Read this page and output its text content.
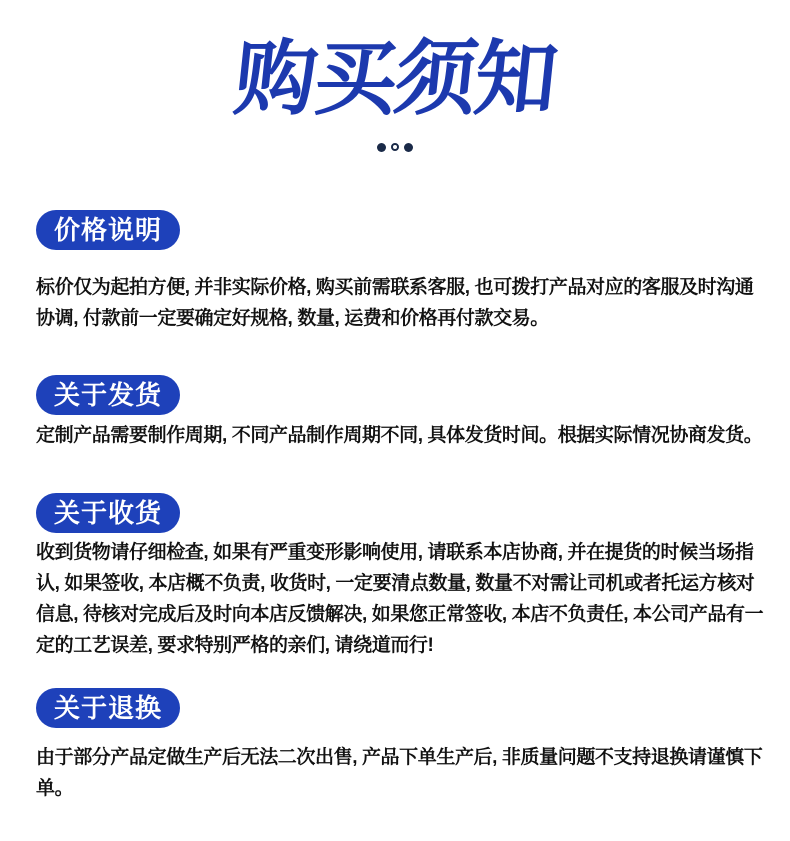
购买须知
价格说明

标价仅为起拍方便, 并非实际价格, 购买前需联系客服, 也可拨打产品对应的客服及时沟通协调, 付款前一定要确定好规格, 数量, 运费和价格再付款交易。

关于发货

定制产品需要制作周期, 不同产品制作周期不同, 具体发货时间。根据实际情况协商发货。

关于收货

收到货物请仔细检查, 如果有严重变形影响使用, 请联系本店协商, 并在提货的时候当场指认, 如果签收, 本店概不负责, 收货时, 一定要清点数量, 数量不对需让司机或者托运方核对信息, 待核对完成后及时向本店反馈解决, 如果您正常签收, 本店不负责任, 本公司产品有一定的工艺误差, 要求特别严格的亲们, 请绕道而行!

关于退换

由于部分产品定做生产后无法二次出售, 产品下单生产后, 非质量问题不支持退换请谨慎下单。
